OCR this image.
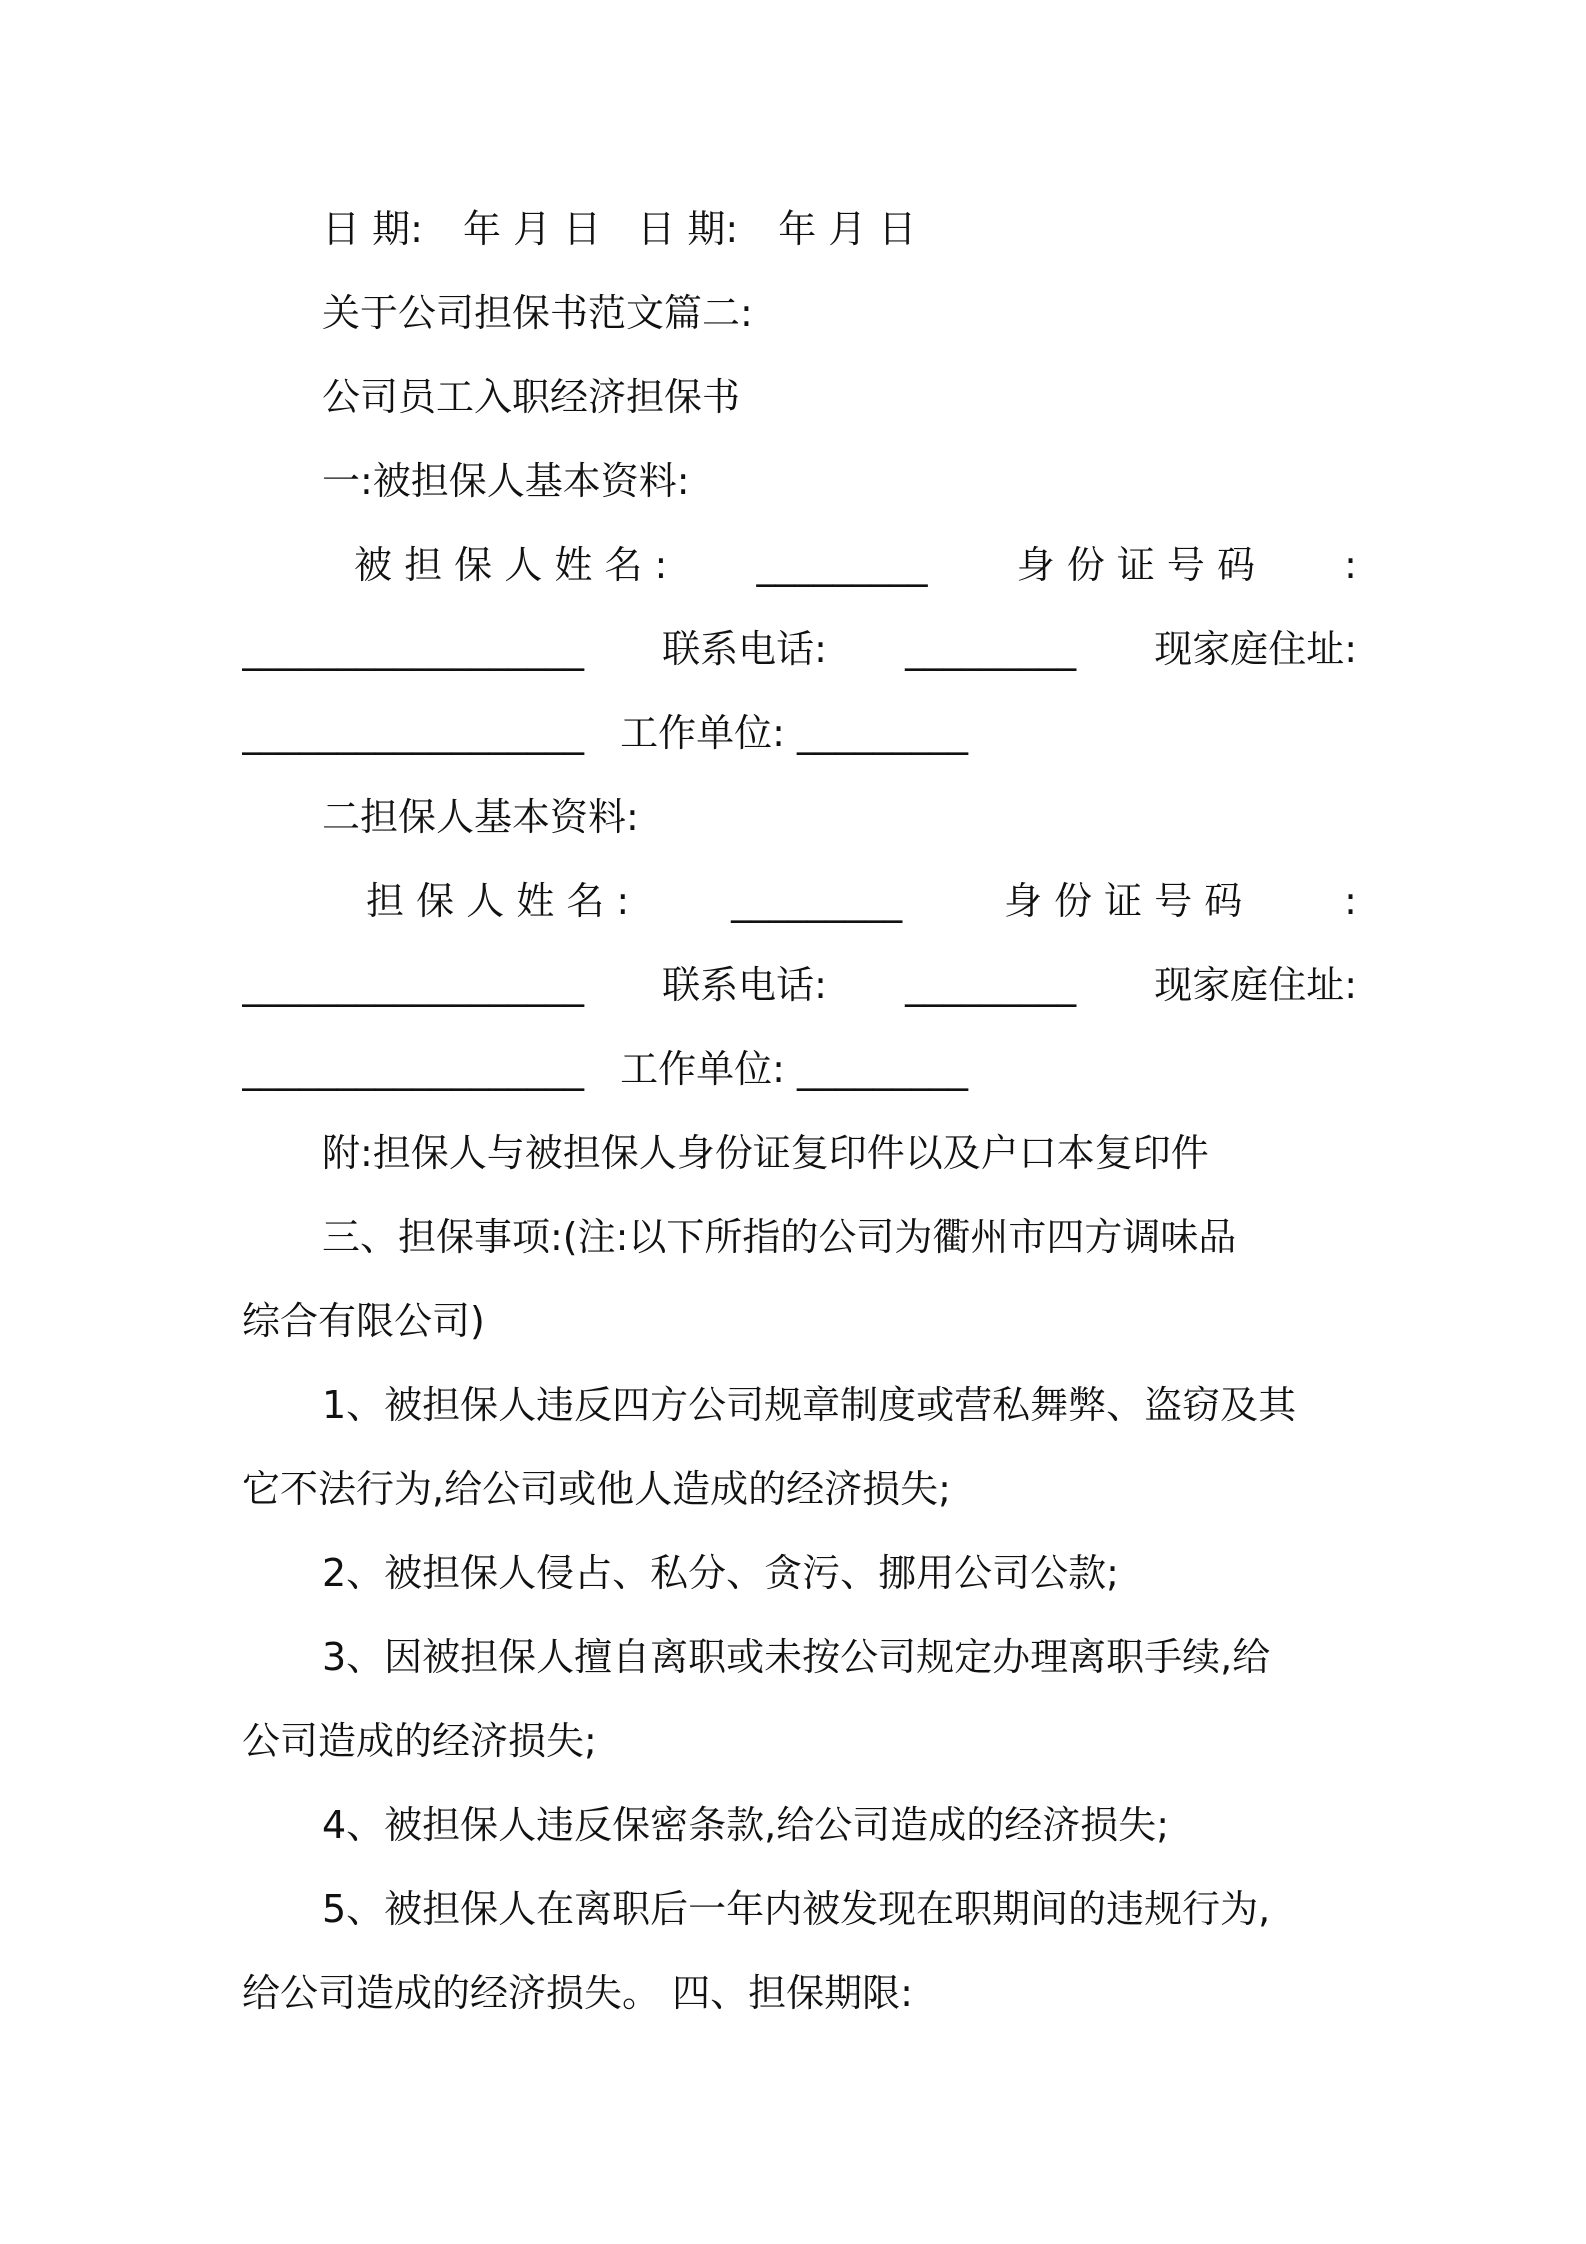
日 期: 年 月 日 日 期: 年 月 日
关于公司担保书范文篇二:
公司员工入职经济担保书
一:被担保人基本资料:
被 担 保 人 姓 名 : _________ 身 份 证 号 码 :
__________________ 联系电话: _________ 现家庭住址:
__________________ 工作单位: _________
二担保人基本资料:
担 保 人 姓 名 :	_________	身 份 证 号 码	:
__________________ 联系电话: _________ 现家庭住址:
__________________ 工作单位: _________
附:担保人与被担保人身份证复印件以及户口本复印件
三、担保事项:(注:以下所指的公司为衢州市四方调味品
综合有限公司)
1、被担保人违反四方公司规章制度或营私舞弊、盗窃及其
它不法行为,给公司或他人造成的经济损失;
2、被担保人侵占、私分、贪污、挪用公司公款;
3、因被担保人擅自离职或未按公司规定办理离职手续,给
公司造成的经济损失;
4、被担保人违反保密条款,给公司造成的经济损失;
5、被担保人在离职后一年内被发现在职期间的违规行为,
给公司造成的经济损失。 四、担保期限:
